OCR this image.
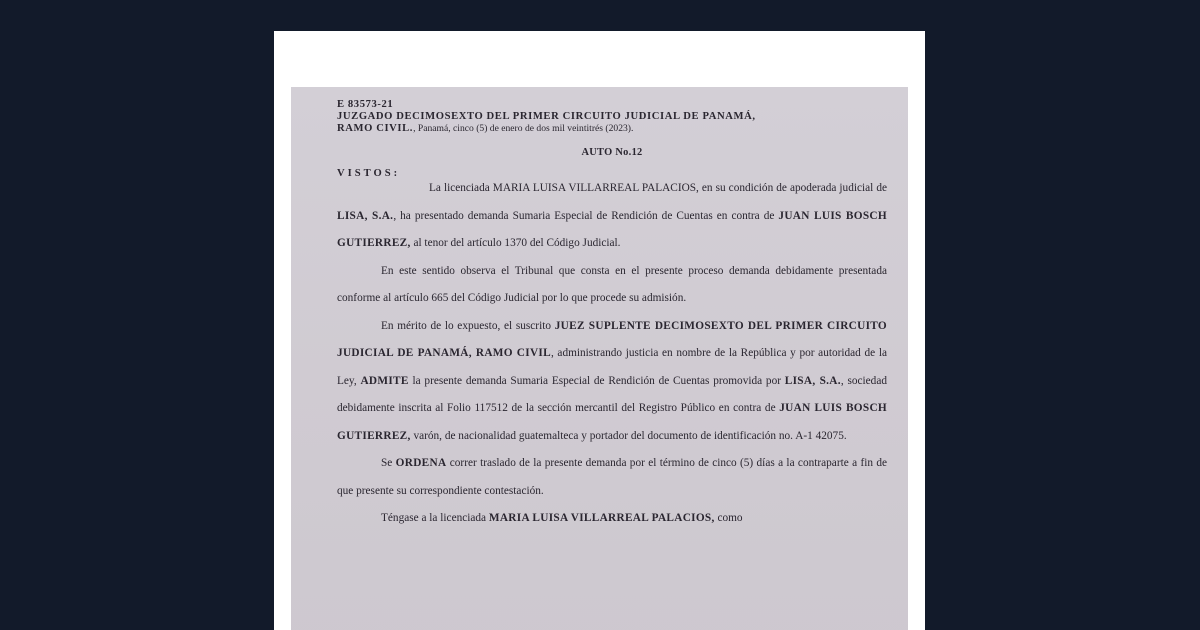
E 83573-21
JUZGADO DECIMOSEXTO DEL PRIMER CIRCUITO JUDICIAL DE PANAMÁ,
RAMO CIVIL., Panamá, cinco (5) de enero de dos mil veintitrés (2023).
AUTO No.12
VISTOS:

La licenciada MARIA LUISA VILLARREAL PALACIOS, en su condición de apoderada judicial de LISA, S.A., ha presentado demanda Sumaria Especial de Rendición de Cuentas en contra de JUAN LUIS BOSCH GUTIERREZ, al tenor del artículo 1370 del Código Judicial.

En este sentido observa el Tribunal que consta en el presente proceso demanda debidamente presentada conforme al artículo 665 del Código Judicial por lo que procede su admisión.

En mérito de lo expuesto, el suscrito JUEZ SUPLENTE DECIMOSEXTO DEL PRIMER CIRCUITO JUDICIAL DE PANAMÁ, RAMO CIVIL, administrando justicia en nombre de la República y por autoridad de la Ley, ADMITE la presente demanda Sumaria Especial de Rendición de Cuentas promovida por LISA, S.A., sociedad debidamente inscrita al Folio 117512 de la sección mercantil del Registro Público en contra de JUAN LUIS BOSCH GUTIERREZ, varón, de nacionalidad guatemalteca y portador del documento de identificación no. A-1 42075.

Se ORDENA correr traslado de la presente demanda por el término de cinco (5) días a la contraparte a fin de que presente su correspondiente contestación.

Téngase a la licenciada MARIA LUISA VILLARREAL PALACIOS, como
